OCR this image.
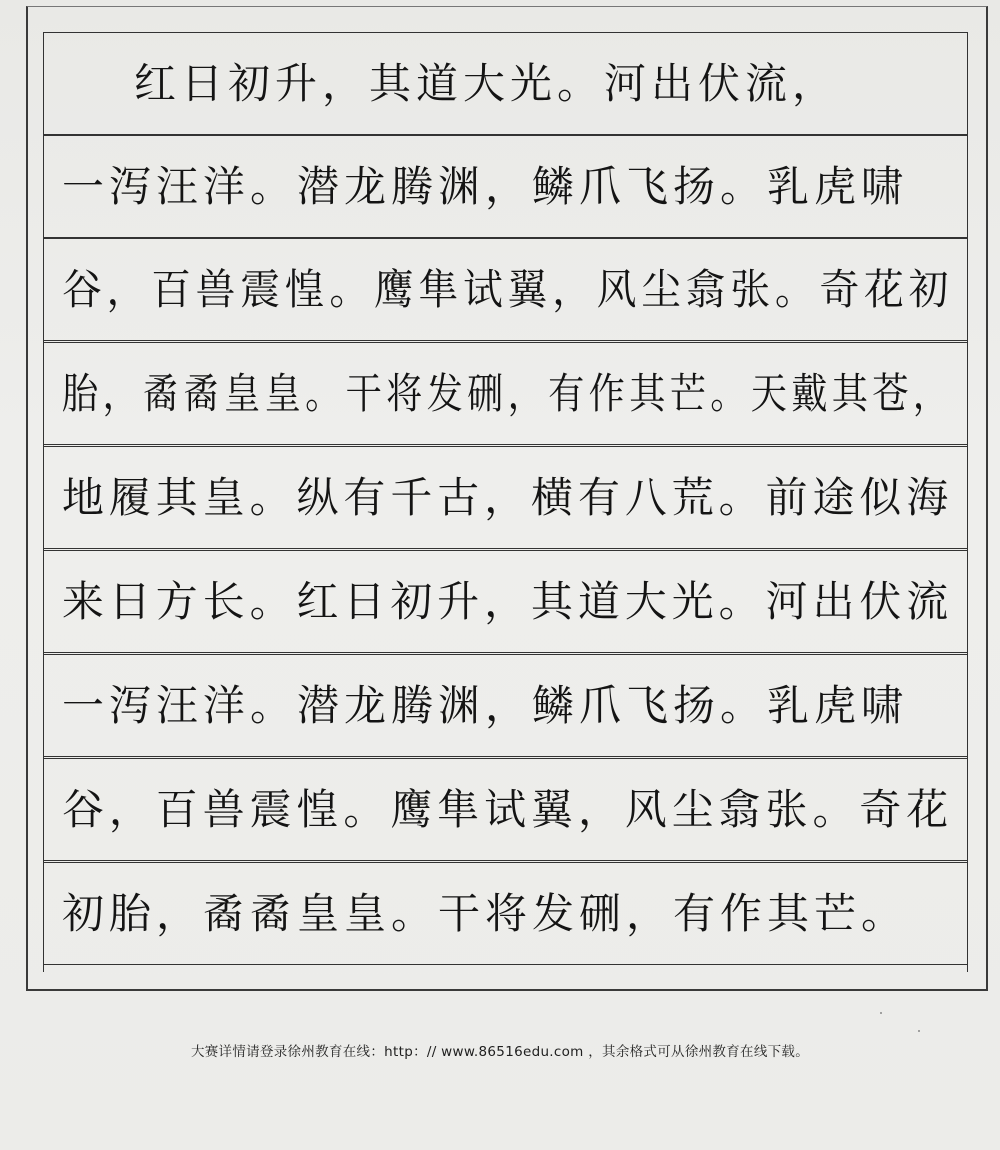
红日初升，其道大光。河出伏流，
一泻汪洋。潜龙腾渊，鳞爪飞扬。乳虎啸
谷，百兽震惶。鹰隼试翼，风尘翕张。奇花初
胎，矞矞皇皇。干将发硎，有作其芒。天戴其苍，
地履其皇。纵有千古，横有八荒。前途似海
来日方长。红日初升，其道大光。河出伏流
一泻汪洋。潜龙腾渊，鳞爪飞扬。乳虎啸
谷，百兽震惶。鹰隼试翼，风尘翕张。奇花
初胎，矞矞皇皇。干将发硎，有作其芒。
大赛详情请登录徐州教育在线：http：// www.86516edu.com ，其余格式可从徐州教育在线下载。
